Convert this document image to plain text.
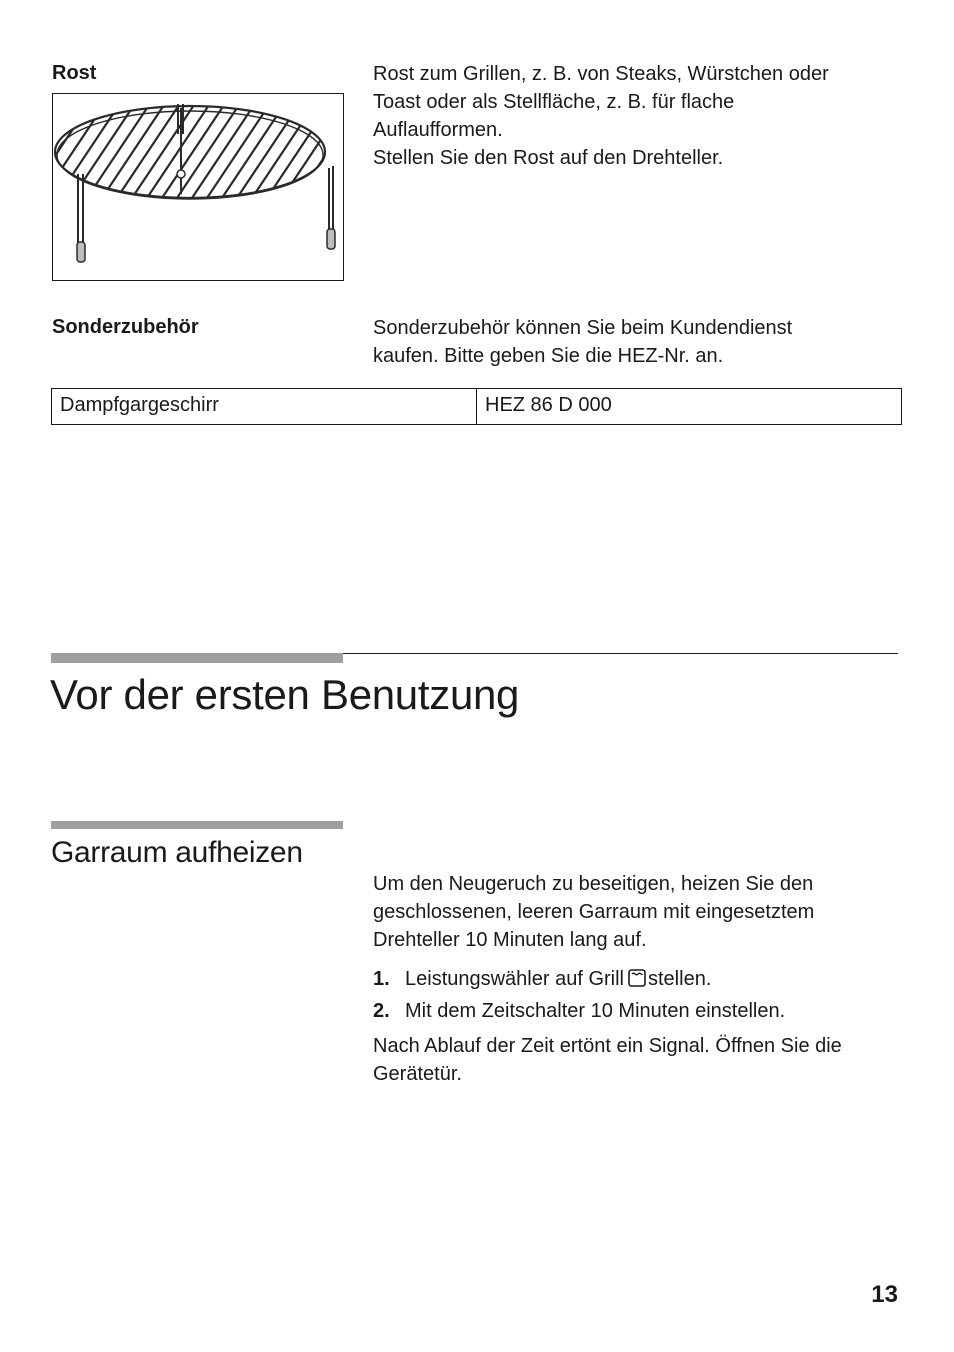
Rost	Rost zum Grillen, z. B. von Steaks, Würstchen oder
Toast oder als Stellfläche, z. B. für flache
Auflaufformen.
Stellen Sie den Rost auf den Drehteller.
Sonderzubehör	Sonderzubehör können Sie beim Kundendienst
kaufen. Bitte geben Sie die HEZ-Nr. an.
Dampfgargeschirr	HEZ 86 D 000
Vor der ersten Benutzung
Garraum aufheizen
Um den Neugeruch zu beseitigen, heizen Sie den
geschlossenen, leeren Garraum mit eingesetztem
Drehteller 10 Minuten lang auf.
1. Leistungswähler auf Grill stellen.
2. Mit dem Zeitschalter 10 Minuten einstellen.
Nach Ablauf der Zeit ertönt ein Signal. Öffnen Sie die
Gerätetür.
13
